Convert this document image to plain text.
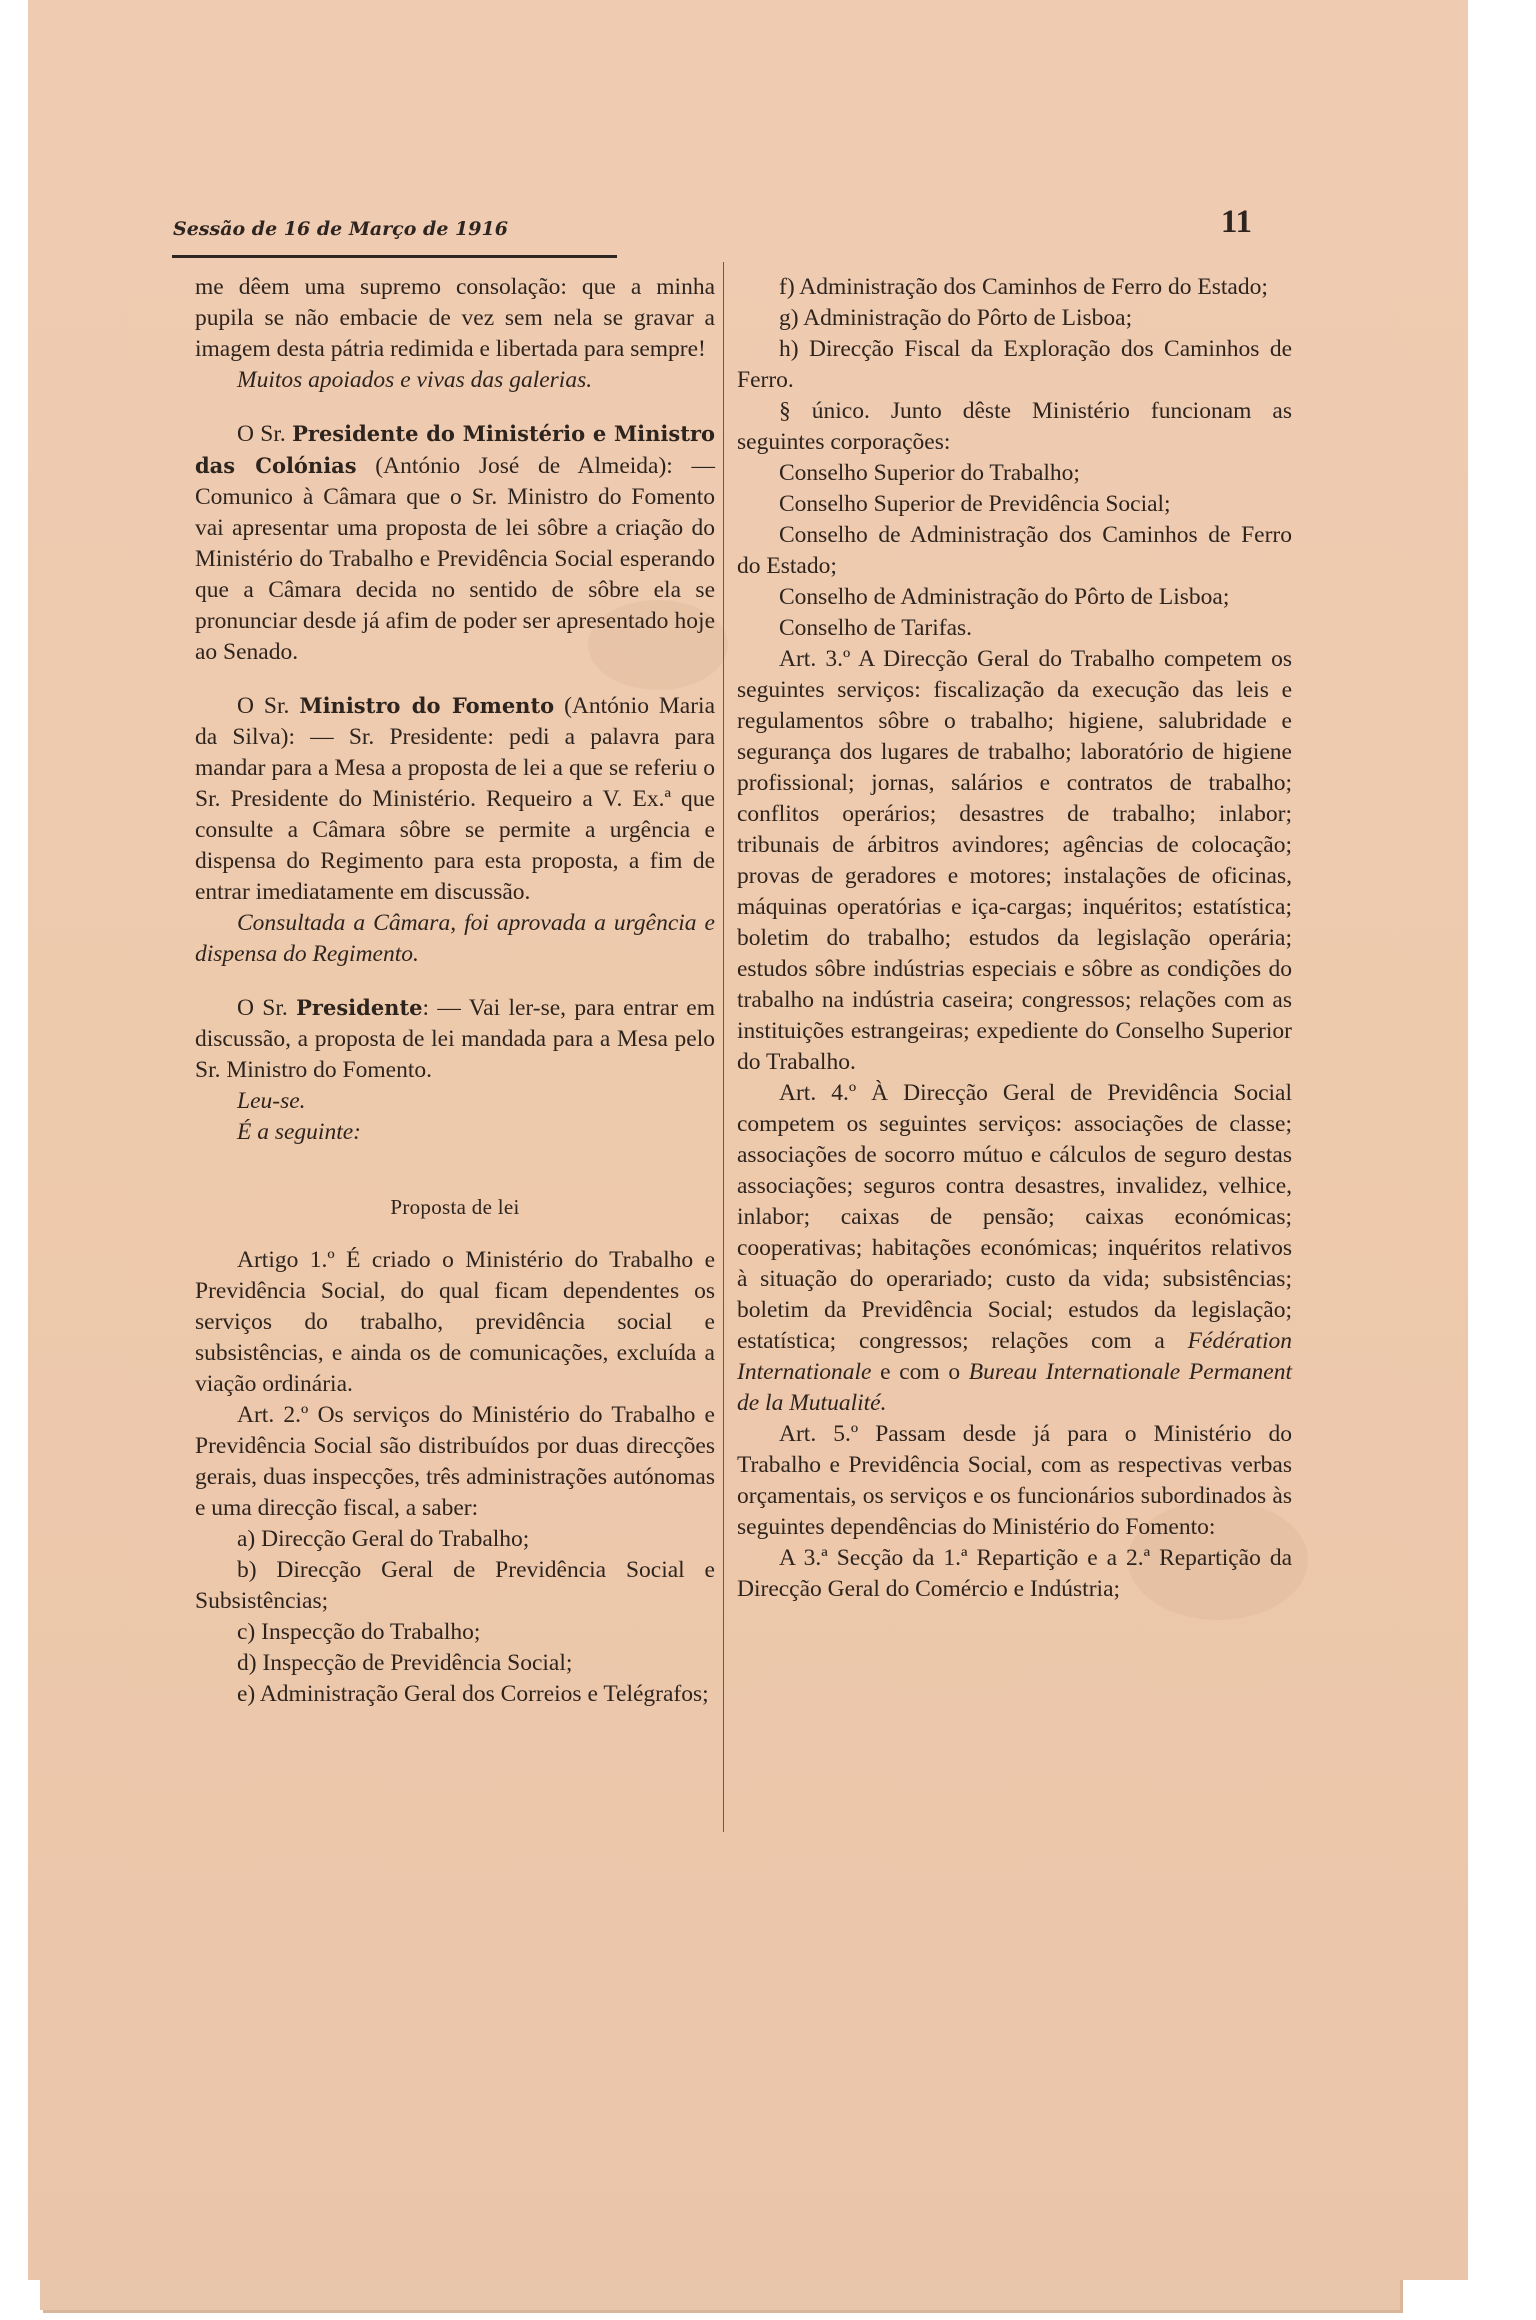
Sessão de 16 de Março de 1916	11

me dêem uma supremo consolação: que a minha pupila se não embacie de vez sem nela se gravar a imagem desta pátria redimida e libertada para sempre!

Muitos apoiados e vivas das galerias.

O Sr. Presidente do Ministério e Ministro das Colónias (António José de Almeida): — Comunico à Câmara que o Sr. Ministro do Fomento vai apresentar uma proposta de lei sôbre a criação do Ministério do Trabalho e Previdência Social esperando que a Câmara decida no sentido de sôbre ela se pronunciar desde já afim de poder ser apresentado hoje ao Senado.

O Sr. Ministro do Fomento (António Maria da Silva): — Sr. Presidente: pedi a palavra para mandar para a Mesa a proposta de lei a que se referiu o Sr. Presidente do Ministério. Requeiro a V. Ex.ª que consulte a Câmara sôbre se permite a urgência e dispensa do Regimento para esta proposta, a fim de entrar imediatamente em discussão.

Consultada a Câmara, foi aprovada a urgência e dispensa do Regimento.

O Sr. Presidente: — Vai ler-se, para entrar em discussão, a proposta de lei mandada para a Mesa pelo Sr. Ministro do Fomento.

Leu-se.

É a seguinte:

Proposta de lei

Artigo 1.º É criado o Ministério do Trabalho e Previdência Social, do qual ficam dependentes os serviços do trabalho, previdência social e subsistências, e ainda os de comunicações, excluída a viação ordinária.

Art. 2.º Os serviços do Ministério do Trabalho e Previdência Social são distribuídos por duas direcções gerais, duas inspecções, três administrações autónomas e uma direcção fiscal, a saber:

a) Direcção Geral do Trabalho;

b) Direcção Geral de Previdência Social e Subsistências;

c) Inspecção do Trabalho;

d) Inspecção de Previdência Social;

e) Administração Geral dos Correios e Telégrafos;

f) Administração dos Caminhos de Ferro do Estado;

g) Administração do Pôrto de Lisboa;

h) Direcção Fiscal da Exploração dos Caminhos de Ferro.

§ único. Junto dêste Ministério funcionam as seguintes corporações:

Conselho Superior do Trabalho;

Conselho Superior de Previdência Social;

Conselho de Administração dos Caminhos de Ferro do Estado;

Conselho de Administração do Pôrto de Lisboa;

Conselho de Tarifas.

Art. 3.º A Direcção Geral do Trabalho competem os seguintes serviços: fiscalização da execução das leis e regulamentos sôbre o trabalho; higiene, salubridade e segurança dos lugares de trabalho; laboratório de higiene profissional; jornas, salários e contratos de trabalho; conflitos operários; desastres de trabalho; inlabor; tribunais de árbitros avindores; agências de colocação; provas de geradores e motores; instalações de oficinas, máquinas operatórias e iça-cargas; inquéritos; estatística; boletim do trabalho; estudos da legislação operária; estudos sôbre indústrias especiais e sôbre as condições do trabalho na indústria caseira; congressos; relações com as instituições estrangeiras; expediente do Conselho Superior do Trabalho.

Art. 4.º À Direcção Geral de Previdência Social competem os seguintes serviços: associações de classe; associações de socorro mútuo e cálculos de seguro destas associações; seguros contra desastres, invalidez, velhice, inlabor; caixas de pensão; caixas económicas; cooperativas; habitações económicas; inquéritos relativos à situação do operariado; custo da vida; subsistências; boletim da Previdência Social; estudos da legislação; estatística; congressos; relações com a Fédération Internationale e com o Bureau Internationale Permanent de la Mutualité.

Art. 5.º Passam desde já para o Ministério do Trabalho e Previdência Social, com as respectivas verbas orçamentais, os serviços e os funcionários subordinados às seguintes dependências do Ministério do Fomento:

A 3.ª Secção da 1.ª Repartição e a 2.ª Repartição da Direcção Geral do Comércio e Indústria;
